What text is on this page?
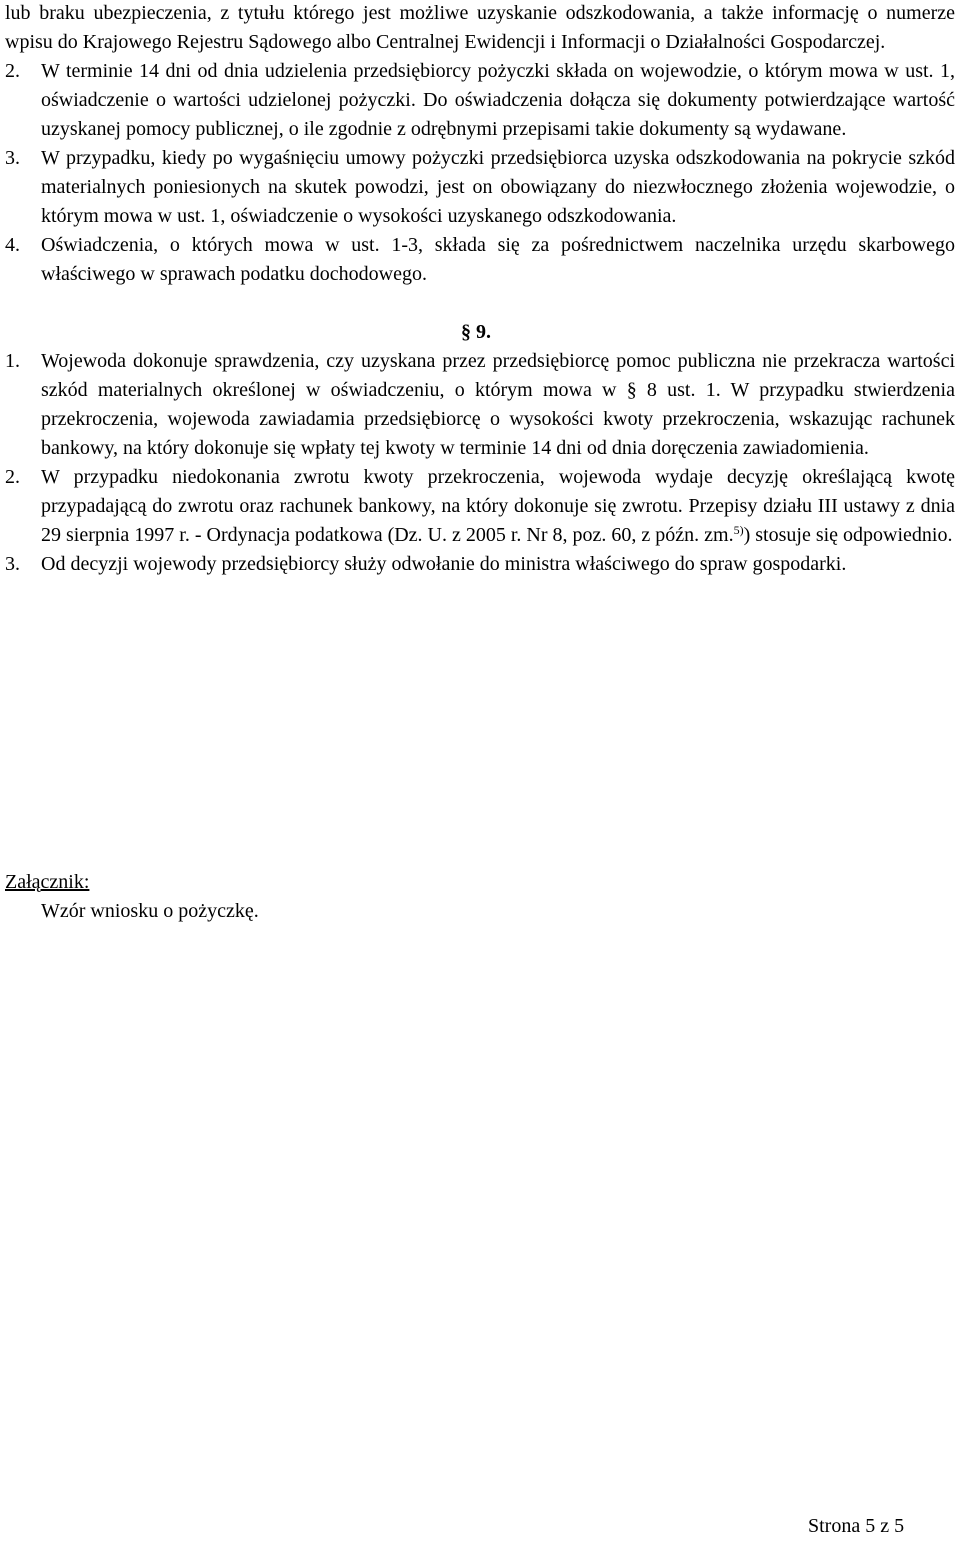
lub braku ubezpieczenia, z tytułu którego jest możliwe uzyskanie odszkodowania, a także informację o numerze wpisu do Krajowego Rejestru Sądowego albo Centralnej Ewidencji i Informacji o Działalności Gospodarczej.

2.	W terminie 14 dni od dnia udzielenia przedsiębiorcy pożyczki składa on wojewodzie, o którym mowa w ust. 1, oświadczenie o wartości udzielonej pożyczki. Do oświadczenia dołącza się dokumenty potwierdzające wartość uzyskanej pomocy publicznej, o ile zgodnie z odrębnymi przepisami takie dokumenty są wydawane.

3.	W przypadku, kiedy po wygaśnięciu umowy pożyczki przedsiębiorca uzyska odszkodowania na pokrycie szkód materialnych poniesionych na skutek powodzi, jest on obowiązany do niezwłocznego złożenia wojewodzie, o którym mowa w ust. 1, oświadczenie o wysokości uzyskanego odszkodowania.

4.	Oświadczenia, o których mowa w ust. 1-3, składa się za pośrednictwem naczelnika urzędu skarbowego właściwego w sprawach podatku dochodowego.

§ 9.
1.	Wojewoda dokonuje sprawdzenia, czy uzyskana przez przedsiębiorcę pomoc publiczna nie przekracza wartości szkód materialnych określonej w oświadczeniu, o którym mowa w § 8 ust. 1. W przypadku stwierdzenia przekroczenia, wojewoda zawiadamia przedsiębiorcę o wysokości kwoty przekroczenia, wskazując rachunek bankowy, na który dokonuje się wpłaty tej kwoty w terminie 14 dni od dnia doręczenia zawiadomienia.

2.	W przypadku niedokonania zwrotu kwoty przekroczenia, wojewoda wydaje decyzję określającą kwotę przypadającą do zwrotu oraz rachunek bankowy, na który dokonuje się zwrotu. Przepisy działu III ustawy z dnia 29 sierpnia 1997 r. - Ordynacja podatkowa (Dz. U. z 2005 r. Nr 8, poz. 60, z późn. zm.$^{5)}$) stosuje się odpowiednio.

3.	Od decyzji wojewody przedsiębiorcy służy odwołanie do ministra właściwego do spraw gospodarki.

Załącznik:
Wzór wniosku o pożyczkę.
Strona 5 z 5
